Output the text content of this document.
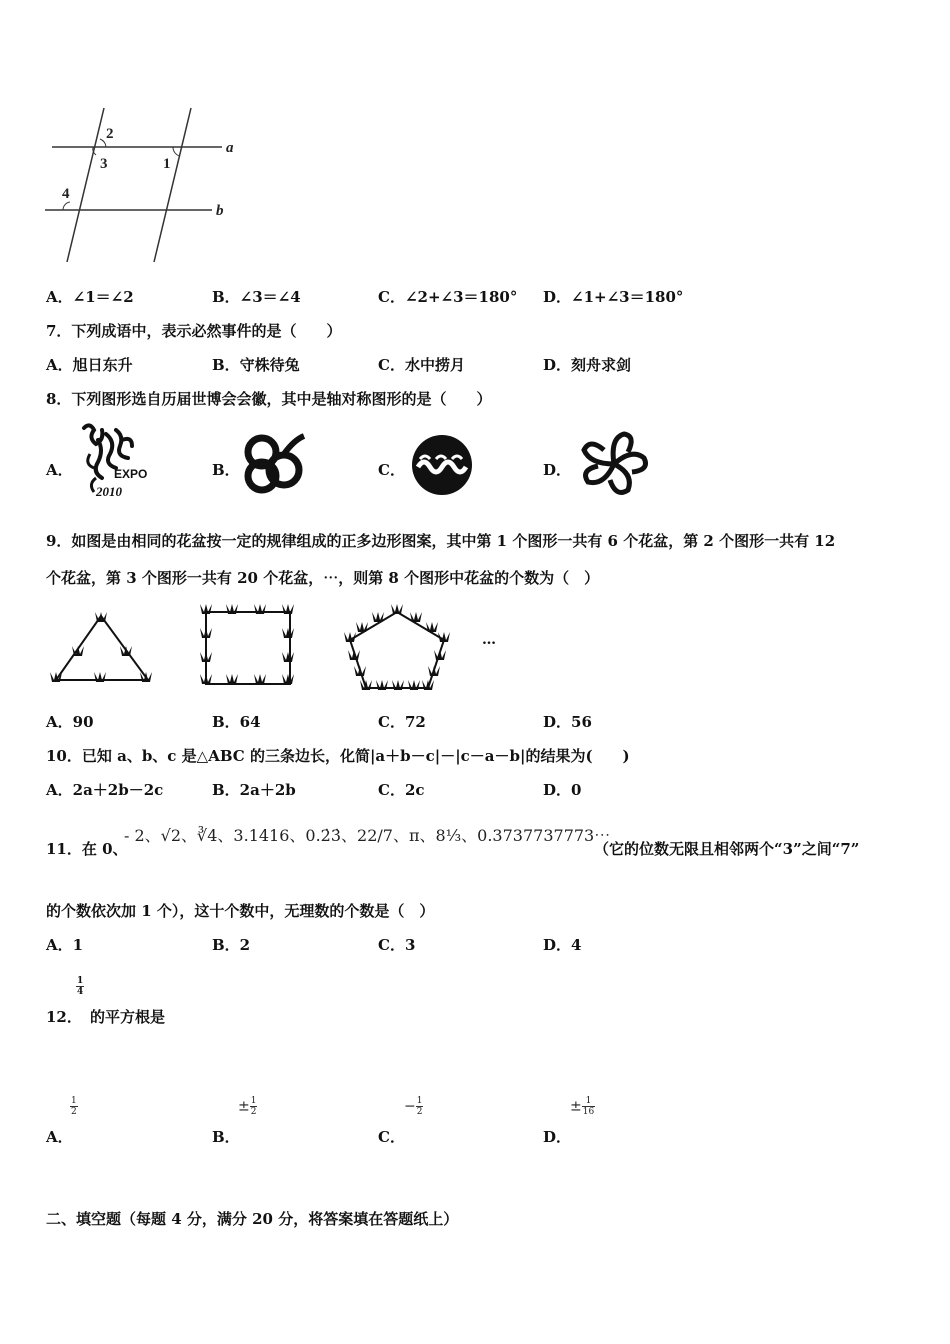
2
3	1
a
4
b
A．∠1＝∠2	B．∠3＝∠4	C．∠2+∠3＝180° D．∠1+∠3＝180°
7．下列成语中，表示必然事件的是（　　）
A．旭日东升	B．守株待兔	C．水中捞月	D．刻舟求剑
8．下列图形选自历届世博会会徽，其中是轴对称图形的是（　　）
A．	B．	C．	D．
EXPO
2010
9．如图是由相同的花盆按一定的规律组成的正多边形图案，其中第 1 个图形一共有 6 个花盆，第 2 个图形一共有 12
个花盆，第 3 个图形一共有 20 个花盆，⋯，则第 8 个图形中花盆的个数为（　）
…
A．90	B．64	C．72	D．56
10．已知 a、b、c 是△ABC 的三条边长，化简|a＋b－c|－|c－a－b|的结果为(　　)
A．2a＋2b－2c	B．2a＋2b	C．2c	D．0
11．在 0、
- 2、√2、∛4、3.1416、0.2̇3̇、22/7、π、8⅓、0.3737737773⋯
（它的位数无限且相邻两个“3”之间“7”
的个数依次加 1 个），这十个数中，无理数的个数是（　）
A．1	B．2	C．3	D．4
12．
$\frac{1}{4}$
的平方根是
A．	B．	C．	D．
$\frac{1}{2}$	± $\frac{1}{2}$	− $\frac{1}{2}$	± $\frac{1}{16}$
二、填空题（每题 4 分，满分 20 分，将答案填在答题纸上）
